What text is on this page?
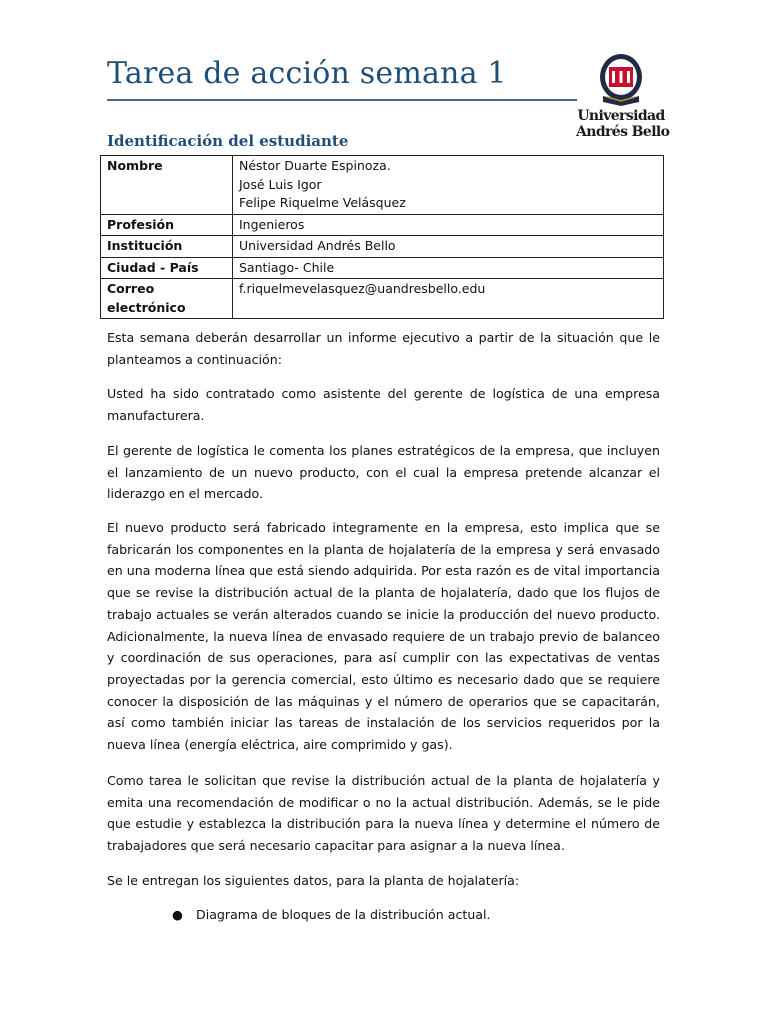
Tarea de acción semana 1
Universidad
Andrés Bello
Identificación del estudiante
Nombre	Néstor Duarte Espinoza.
José Luis Igor
Felipe Riquelme Velásquez

Profesión	Ingenieros
Institución	Universidad Andrés Bello
Ciudad - País	Santiago- Chile
Correo electrónico	f.riquelmevelasquez@uandresbello.edu

Esta semana deberán desarrollar un informe ejecutivo a partir de la situación que le planteamos a continuación:

Usted ha sido contratado como asistente del gerente de logística de una empresa manufacturera.

El gerente de logística le comenta los planes estratégicos de la empresa, que incluyen el lanzamiento de un nuevo producto, con el cual la empresa pretende alcanzar el liderazgo en el mercado.

El nuevo producto será fabricado integramente en la empresa, esto implica que se fabricarán los componentes en la planta de hojalatería de la empresa y será envasado en una moderna línea que está siendo adquirida. Por esta razón es de vital importancia que se revise la distribución actual de la planta de hojalatería, dado que los flujos de trabajo actuales se verán alterados cuando se inicie la producción del nuevo producto. Adicionalmente, la nueva línea de envasado requiere de un trabajo previo de balanceo y coordinación de sus operaciones, para así cumplir con las expectativas de ventas proyectadas por la gerencia comercial, esto último es necesario dado que se requiere conocer la disposición de las máquinas y el número de operarios que se capacitarán, así como también iniciar las tareas de instalación de los servicios requeridos por la nueva línea (energía eléctrica, aire comprimido y gas).

Como tarea le solicitan que revise la distribución actual de la planta de hojalatería y emita una recomendación de modificar o no la actual distribución. Además, se le pide que estudie y establezca la distribución para la nueva línea y determine el número de trabajadores que será necesario capacitar para asignar a la nueva línea.

Se le entregan los siguientes datos, para la planta de hojalatería:

● Diagrama de bloques de la distribución actual.
